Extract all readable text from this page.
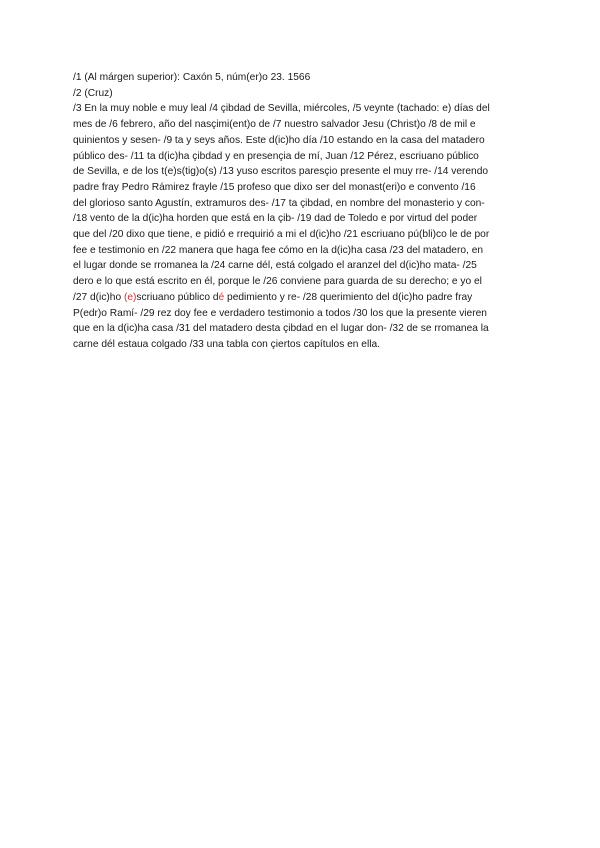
/1 (Al márgen superior): Caxón 5, núm(er)o 23. 1566
/2 (Cruz)
/3 En la muy noble e muy leal /4 çibdad de Sevilla, miércoles, /5 veynte (tachado: e) días del
mes de /6 febrero, año del nasçimi(ent)o de /7 nuestro salvador Jesu (Christ)o /8 de mil e
quinientos y sesen- /9 ta y seys años. Este d(ic)ho día /10 estando en la casa del matadero
público des- /11 ta d(ic)ha çibdad y en presençia de mí, Juan /12 Pérez, escriuano público
de Sevilla, e de los t(e)s(tig)o(s) /13 yuso escritos paresçio presente el muy rre- /14 verendo
padre fray Pedro Rámirez frayle /15 profeso que dixo ser del monast(eri)o e convento /16
del glorioso santo Agustín, extramuros des- /17 ta çibdad, en nombre del monasterio y con-
/18 vento de la d(ic)ha horden que está en la çib- /19 dad de Toledo e por virtud del poder
que del /20 dixo que tiene, e pidió e rrequirió a mi el d(ic)ho /21 escriuano pú(bli)co le de por
fee e testimonio en /22 manera que haga fee cómo en la d(ic)ha casa /23 del matadero, en
el lugar donde se rromanea la /24 carne dél, está colgado el aranzel del d(ic)ho mata- /25
dero e lo que está escrito en él, porque le /26 conviene para guarda de su derecho; e yo el
/27 d(ic)ho (e)scriuano público dé pedimiento y re- /28 querimiento del d(ic)ho padre fray
P(edr)o Ramí- /29 rez doy fee e verdadero testimonio a todos /30 los que la presente vieren
que en la d(ic)ha casa /31 del matadero desta çibdad en el lugar don- /32 de se rromanea la
carne dél estaua colgado /33 una tabla con çiertos capítulos en ella.
